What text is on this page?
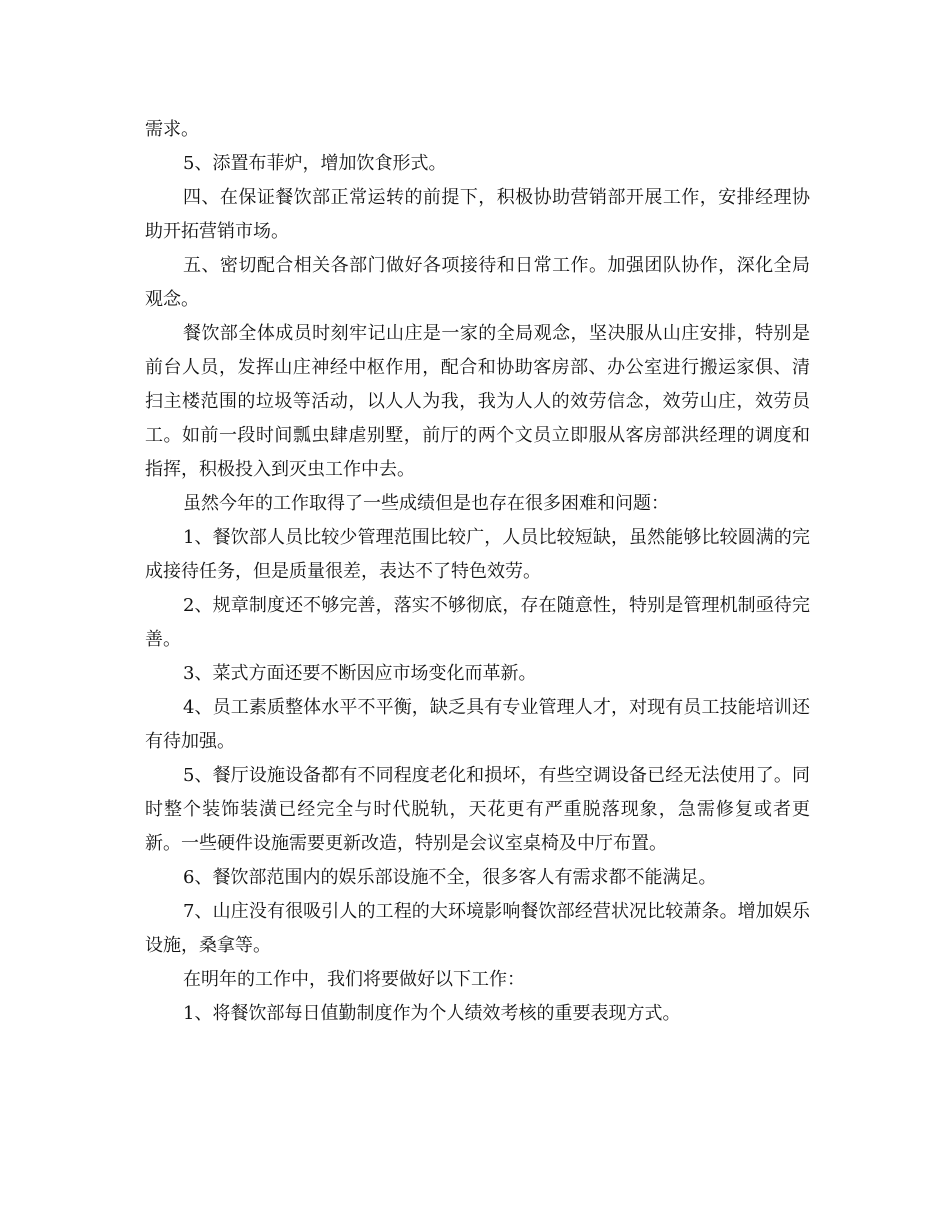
需求。

5、添置布菲炉，增加饮食形式。

四、在保证餐饮部正常运转的前提下，积极协助营销部开展工作，安排经理协助开拓营销市场。

五、密切配合相关各部门做好各项接待和日常工作。加强团队协作，深化全局观念。

餐饮部全体成员时刻牢记山庄是一家的全局观念，坚决服从山庄安排，特别是前台人员，发挥山庄神经中枢作用，配合和协助客房部、办公室进行搬运家俱、清扫主楼范围的垃圾等活动，以人人为我，我为人人的效劳信念，效劳山庄，效劳员工。如前一段时间瓢虫肆虐别墅，前厅的两个文员立即服从客房部洪经理的调度和指挥，积极投入到灭虫工作中去。

虽然今年的工作取得了一些成绩但是也存在很多困难和问题：

1、餐饮部人员比较少管理范围比较广，人员比较短缺，虽然能够比较圆满的完成接待任务，但是质量很差，表达不了特色效劳。

2、规章制度还不够完善，落实不够彻底，存在随意性，特别是管理机制亟待完善。

3、菜式方面还要不断因应市场变化而革新。

4、员工素质整体水平不平衡，缺乏具有专业管理人才，对现有员工技能培训还有待加强。

5、餐厅设施设备都有不同程度老化和损坏，有些空调设备已经无法使用了。同时整个装饰装潢已经完全与时代脱轨，天花更有严重脱落现象，急需修复或者更新。一些硬件设施需要更新改造，特别是会议室桌椅及中厅布置。

6、餐饮部范围内的娱乐部设施不全，很多客人有需求都不能满足。

7、山庄没有很吸引人的工程的大环境影响餐饮部经营状况比较萧条。增加娱乐设施，桑拿等。

在明年的工作中，我们将要做好以下工作：

1、将餐饮部每日值勤制度作为个人绩效考核的重要表现方式。
